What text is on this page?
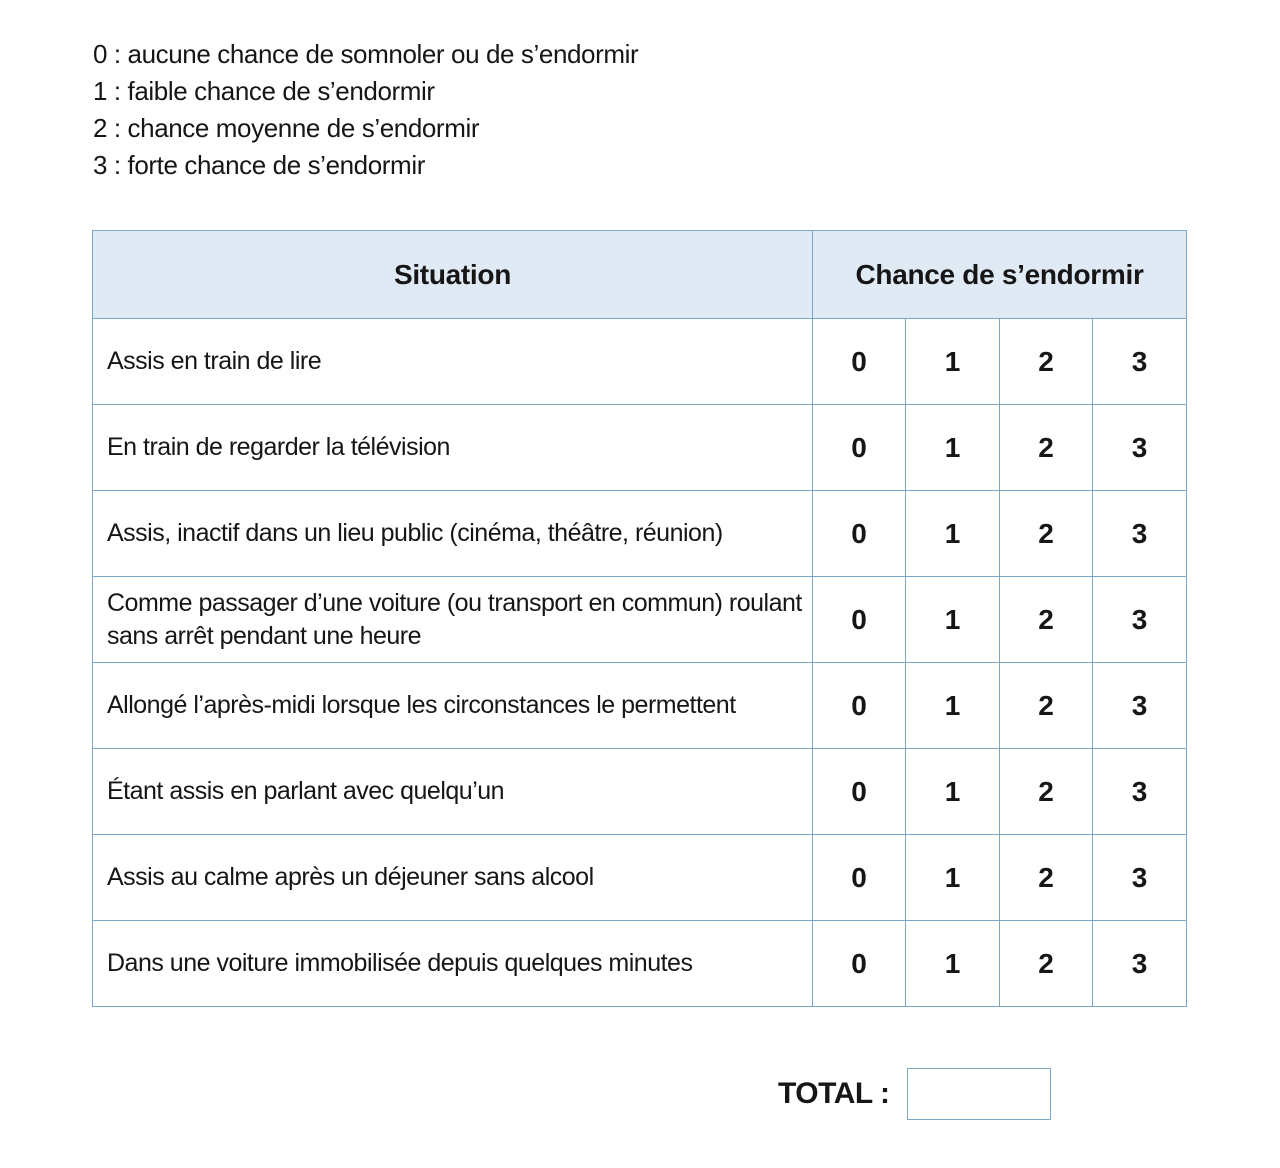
0 : aucune chance de somnoler ou de s’endormir
1 : faible chance de s’endormir
2 : chance moyenne de s’endormir
3 : forte chance de s’endormir
Situation	Chance de s’endormir			
Assis en train de lire	0	1	2	3
En train de regarder la télévision	0	1	2	3
Assis, inactif dans un lieu public (cinéma, théâtre, réunion)	0	1	2	3
Comme passager d’une voiture (ou transport en commun) roulant sans arrêt pendant une heure	0	1	2	3
Allongé l’après-midi lorsque les circonstances le permettent	0	1	2	3
Étant assis en parlant avec quelqu’un	0	1	2	3
Assis au calme après un déjeuner sans alcool	0	1	2	3
Dans une voiture immobilisée depuis quelques minutes	0	1	2	3
TOTAL :
